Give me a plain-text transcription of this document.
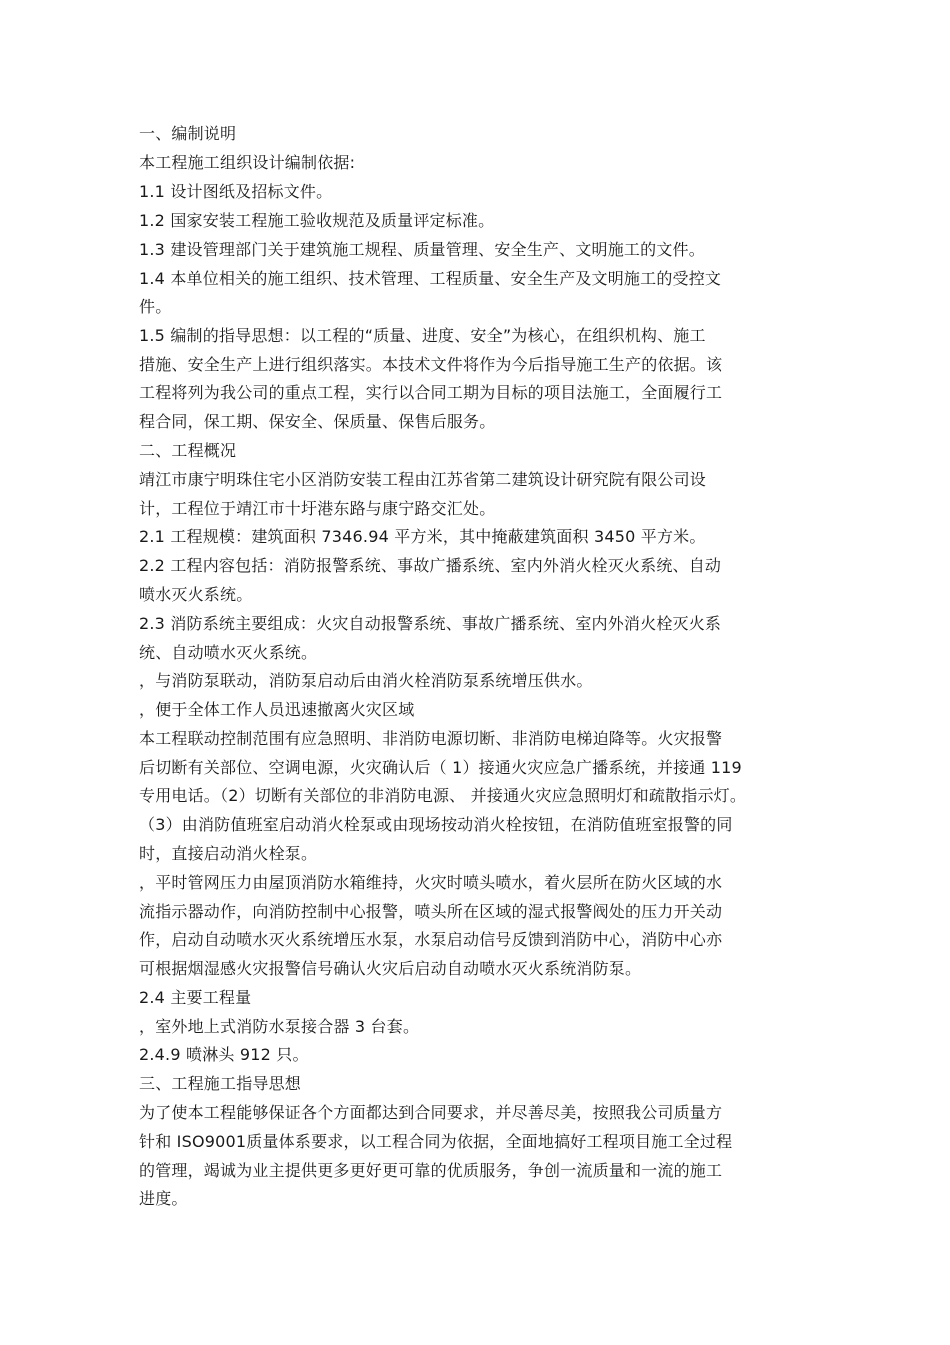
一、编制说明
本工程施工组织设计编制依据:
1.1 设计图纸及招标文件。
1.2 国家安装工程施工验收规范及质量评定标准。
1.3 建设管理部门关于建筑施工规程、质量管理、安全生产、文明施工的文件。
1.4 本单位相关的施工组织、技术管理、工程质量、安全生产及文明施工的受控文
件。
1.5 编制的指导思想：以工程的“质量、进度、安全”为核心，在组织机构、施工
措施、安全生产上进行组织落实。本技术文件将作为今后指导施工生产的依据。该
工程将列为我公司的重点工程，实行以合同工期为目标的项目法施工，全面履行工
程合同，保工期、保安全、保质量、保售后服务。
二、工程概况
靖江市康宁明珠住宅小区消防安装工程由江苏省第二建筑设计研究院有限公司设
计，工程位于靖江市十圩港东路与康宁路交汇处。
2.1 工程规模：建筑面积 7346.94 平方米，其中掩蔽建筑面积 3450 平方米。
2.2 工程内容包括：消防报警系统、事故广播系统、室内外消火栓灭火系统、自动
喷水灭火系统。
2.3 消防系统主要组成：火灾自动报警系统、事故广播系统、室内外消火栓灭火系
统、自动喷水灭火系统。
，与消防泵联动，消防泵启动后由消火栓消防泵系统增压供水。
，便于全体工作人员迅速撤离火灾区域
本工程联动控制范围有应急照明、非消防电源切断、非消防电梯迫降等。火灾报警
后切断有关部位、空调电源，火灾确认后（ 1）接通火灾应急广播系统，并接通 119
专用电话。（2）切断有关部位的非消防电源、 并接通火灾应急照明灯和疏散指示灯。
（3）由消防值班室启动消火栓泵或由现场按动消火栓按钮，在消防值班室报警的同
时，直接启动消火栓泵。
，平时管网压力由屋顶消防水箱维持，火灾时喷头喷水，着火层所在防火区域的水
流指示器动作，向消防控制中心报警，喷头所在区域的湿式报警阀处的压力开关动
作，启动自动喷水灭火系统增压水泵，水泵启动信号反馈到消防中心，消防中心亦
可根据烟湿感火灾报警信号确认火灾后启动自动喷水灭火系统消防泵。
2.4 主要工程量
，室外地上式消防水泵接合器 3 台套。
2.4.9 喷淋头 912 只。
三、工程施工指导思想
为了使本工程能够保证各个方面都达到合同要求，并尽善尽美，按照我公司质量方
针和 ISO9001质量体系要求，以工程合同为依据，全面地搞好工程项目施工全过程
的管理，竭诚为业主提供更多更好更可靠的优质服务，争创一流质量和一流的施工
进度。
